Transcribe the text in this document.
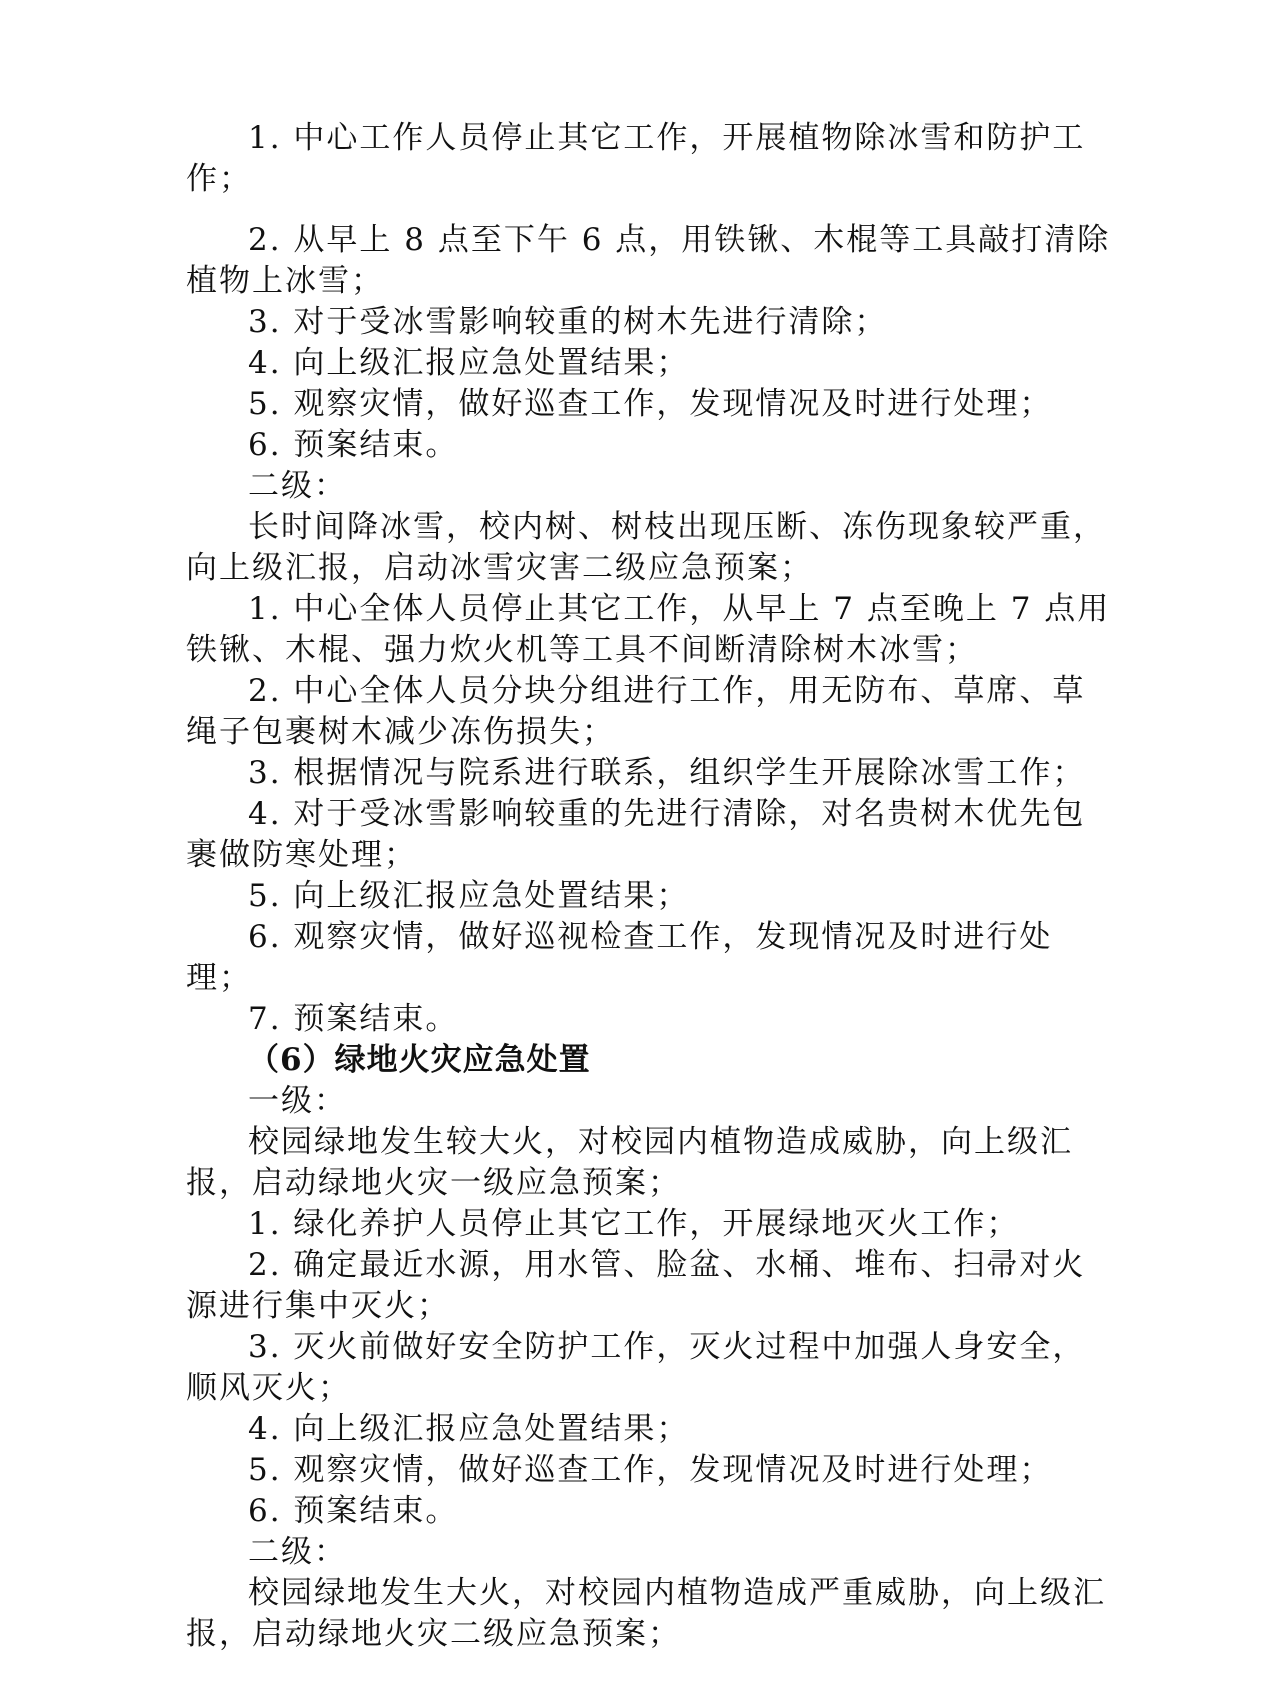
1. 中心工作人员停止其它工作，开展植物除冰雪和防护工作；

2. 从早上 8 点至下午 6 点，用铁锹、木棍等工具敲打清除植物上冰雪；

3. 对于受冰雪影响较重的树木先进行清除；

4. 向上级汇报应急处置结果；

5. 观察灾情，做好巡查工作，发现情况及时进行处理；

6. 预案结束。

二级：

长时间降冰雪，校内树、树枝出现压断、冻伤现象较严重，向上级汇报，启动冰雪灾害二级应急预案；

1. 中心全体人员停止其它工作，从早上 7 点至晚上 7 点用铁锹、木棍、强力炊火机等工具不间断清除树木冰雪；

2. 中心全体人员分块分组进行工作，用无防布、草席、草绳子包裹树木减少冻伤损失；

3. 根据情况与院系进行联系，组织学生开展除冰雪工作；

4. 对于受冰雪影响较重的先进行清除，对名贵树木优先包裹做防寒处理；

5. 向上级汇报应急处置结果；

6. 观察灾情，做好巡视检查工作，发现情况及时进行处理；

7. 预案结束。

（6）绿地火灾应急处置

一级：

校园绿地发生较大火，对校园内植物造成威胁，向上级汇报，启动绿地火灾一级应急预案；

1. 绿化养护人员停止其它工作，开展绿地灭火工作；

2. 确定最近水源，用水管、脸盆、水桶、堆布、扫帚对火源进行集中灭火；

3. 灭火前做好安全防护工作，灭火过程中加强人身安全，顺风灭火；

4. 向上级汇报应急处置结果；

5. 观察灾情，做好巡查工作，发现情况及时进行处理；

6. 预案结束。

二级：

校园绿地发生大火，对校园内植物造成严重威胁，向上级汇报，启动绿地火灾二级应急预案；
